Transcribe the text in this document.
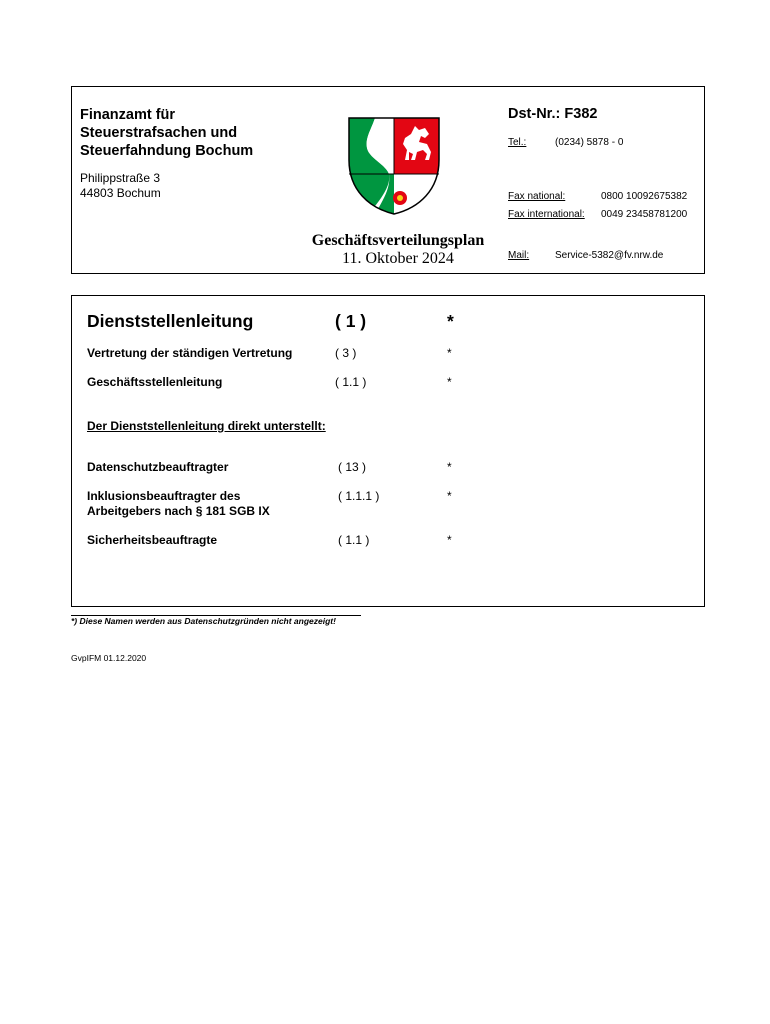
Finanzamt für
Steuerstrafsachen und
Steuerfahndung Bochum
Philippstraße 3
44803 Bochum
Geschäftsverteilungsplan
11. Oktober 2024
Dst-Nr.: F382
Tel.:	(0234) 5878 - 0
Fax national:	0800 10092675382
Fax international: 0049 23458781200
Mail:	Service-5382@fv.nrw.de
Dienststellenleitung	( 1 )	*
Vertretung der ständigen Vertretung	( 3 )	*
Geschäftsstellenleitung	( 1.1 )	*
Der Dienststellenleitung direkt unterstellt:
Datenschutzbeauftragter	( 13 )	*
Inklusionsbeauftragter des
Arbeitgebers nach § 181 SGB IX
( 1.1.1 )	*
Sicherheitsbeauftragte	( 1.1 )	*
*) Diese Namen werden aus Datenschutzgründen nicht angezeigt!
GvpIFM 01.12.2020
